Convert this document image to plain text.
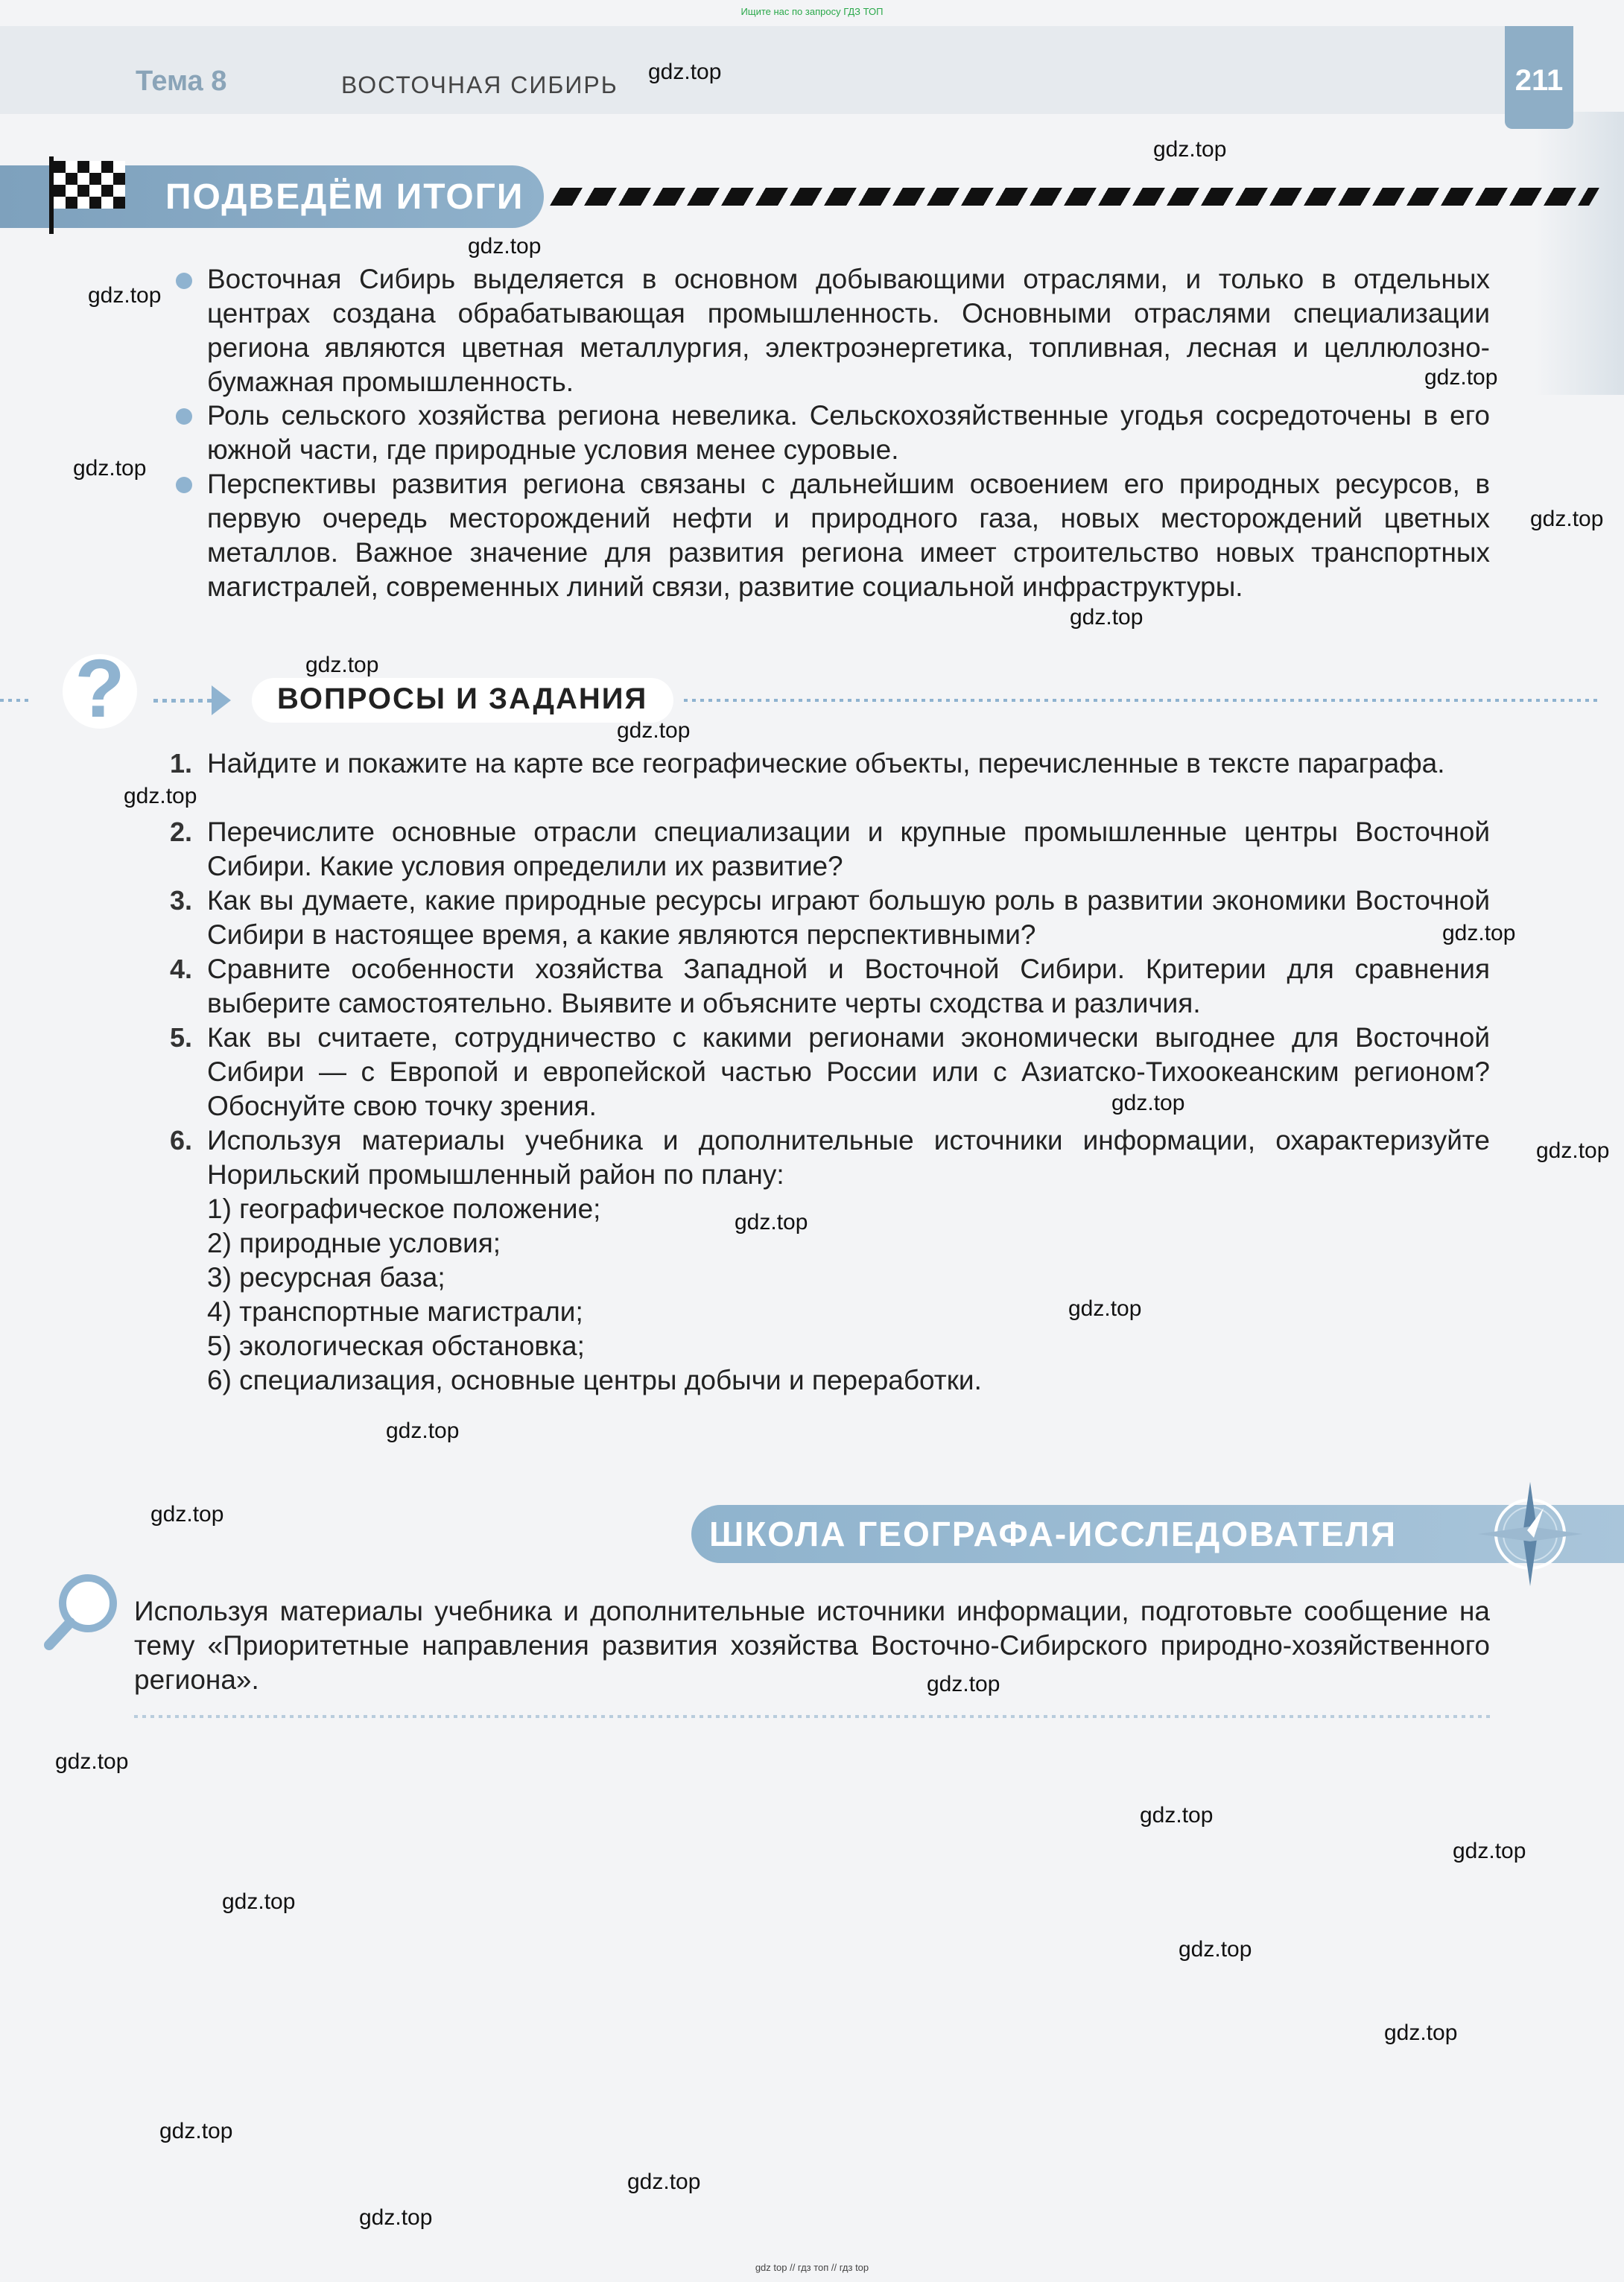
Ищите нас по запросу ГДЗ ТОП
Тема 8	ВОСТОЧНАЯ СИБИРЬ	211
ПОДВЕДЁМ ИТОГИ
Восточная Сибирь выделяется в основном добывающими отраслями, и только в отдельных центрах создана обрабатывающая промышленность. Основными отраслями специализации региона являются цветная металлургия, электроэнергетика, топливная, лесная и целлюлозно-бумажная промышленность.
Роль сельского хозяйства региона невелика. Сельскохозяйственные угодья сосредоточены в его южной части, где природные условия менее суровые.
Перспективы развития региона связаны с дальнейшим освоением его природных ресурсов, в первую очередь месторождений нефти и природного газа, новых месторождений цветных металлов. Важное значение для развития региона имеет строительство новых транспортных магистралей, современных линий связи, развитие социальной инфраструктуры.
?	ВОПРОСЫ И ЗАДАНИЯ
1. Найдите и покажите на карте все географические объекты, перечисленные в тексте параграфа.
2. Перечислите основные отрасли специализации и крупные промышленные центры Восточной Сибири. Какие условия определили их развитие?
3. Как вы думаете, какие природные ресурсы играют большую роль в развитии экономики Восточной Сибири в настоящее время, а какие являются перспективными?
4. Сравните особенности хозяйства Западной и Восточной Сибири. Критерии для сравнения выберите самостоятельно. Выявите и объясните черты сходства и различия.
5. Как вы считаете, сотрудничество с какими регионами экономически выгоднее для Восточной Сибири — с Европой и европейской частью России или с Азиатско-Тихоокеанским регионом? Обоснуйте свою точку зрения.
6. Используя материалы учебника и дополнительные источники информации, охарактеризуйте Норильский промышленный район по плану:
1) географическое положение;
2) природные условия;
3) ресурсная база;
4) транспортные магистрали;
5) экологическая обстановка;
6) специализация, основные центры добычи и переработки.
ШКОЛА ГЕОГРАФА-ИССЛЕДОВАТЕЛЯ
Используя материалы учебника и дополнительные источники информации, подготовьте сообщение на тему «Приоритетные направления развития хозяйства Восточно-Сибирского природно-хозяйственного региона».
gdz.top
gdz.top
gdz.top
gdz.top
gdz.top
gdz.top
gdz.top
gdz.top
gdz.top
gdz.top
gdz.top
gdz.top
gdz.top
gdz.top
gdz.top
gdz.top
gdz.top
gdz.top
gdz.top
gdz.top
gdz.top
gdz.top
gdz.top
gdz.top
gdz.top
gdz.top
gdz.top
gdz.top
gdz top // гдз топ // гдз top
